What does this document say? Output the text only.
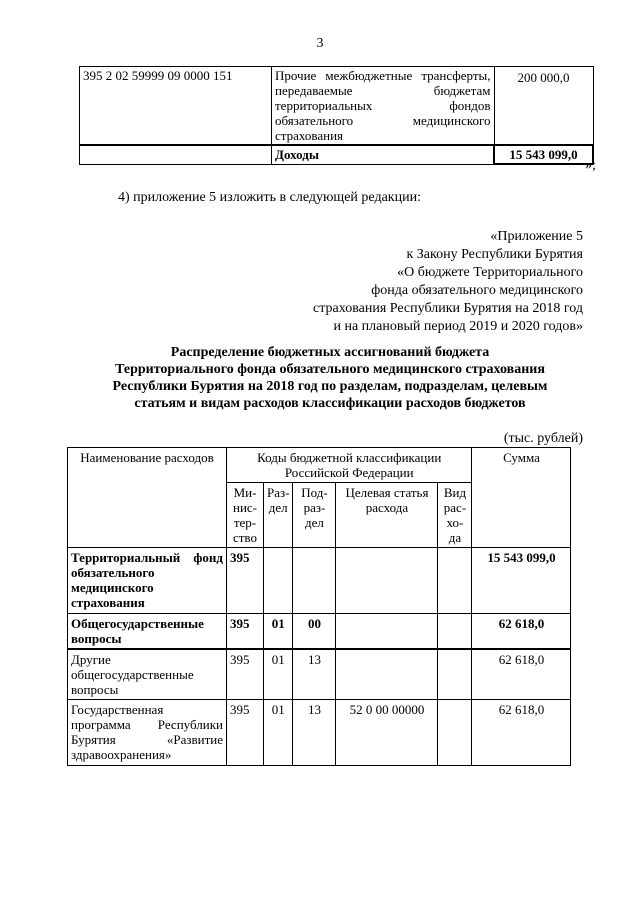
3
395 2 02 59999 09 0000 151	Прочие межбюджетные трансферты, передаваемые бюджетам территориальных фондов обязательного медицинского страхования	200 000,0
	Доходы	15 543 099,0
»;
4) приложение 5 изложить в следующей редакции:
«Приложение 5
к Закону Республики Бурятия
«О бюджете Территориального
фонда обязательного медицинского
страхования Республики Бурятия на 2018 год
и на плановый период 2019 и 2020 годов»
Распределение бюджетных ассигнований бюджета
Территориального фонда обязательного медицинского страхования
Республики Бурятия на 2018 год по разделам, подразделам, целевым
статьям и видам расходов классификации расходов бюджетов
(тыс. рублей)
Наименование расходов	Коды бюджетной классификации Российской Федерации					Сумма
	Ми-нис-тер-ство	Раз-дел	Под-раз-дел	Целевая статья расхода	Вид рас-хо-да	
Территориальный фонд обязательного медицинского страхования	395					15 543 099,0
Общегосударственные вопросы	395	01	00			62 618,0
Другие общегосударственные вопросы	395	01	13			62 618,0
Государственная программа Республики Бурятия «Развитие здравоохранения»	395	01	13	52 0 00 00000		62 618,0
